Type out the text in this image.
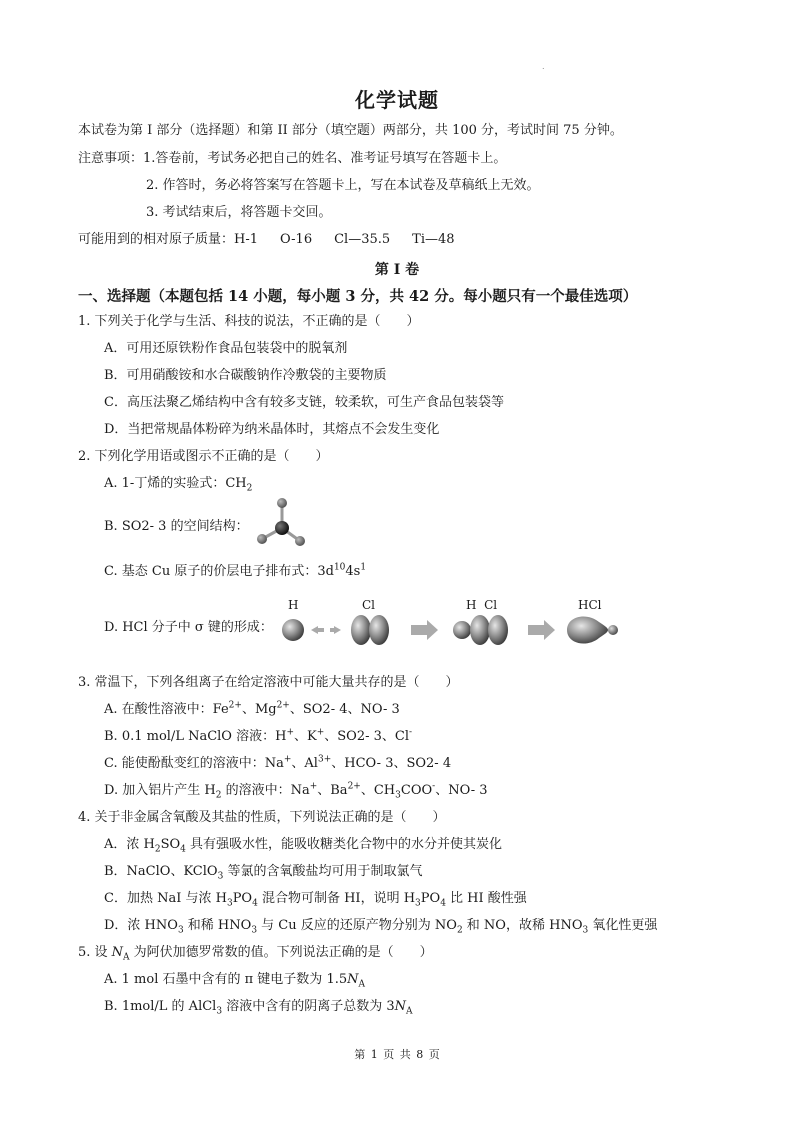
.
化学试题
本试卷为第 I 部分（选择题）和第 II 部分（填空题）两部分，共 100 分，考试时间 75 分钟。
注意事项：1.答卷前，考试务必把自己的姓名、准考证号填写在答题卡上。
2. 作答时，务必将答案写在答题卡上，写在本试卷及草稿纸上无效。
3. 考试结束后，将答题卡交回。
可能用到的相对原子质量：H-1 O-16 Cl—35.5 Ti—48
第 I 卷
一、选择题（本题包括 14 小题，每小题 3 分，共 42 分。每小题只有一个最佳选项）
1. 下列关于化学与生活、科技的说法，不正确的是（　　）
A．可用还原铁粉作食品包装袋中的脱氧剂
B．可用硝酸铵和水合碳酸钠作冷敷袋的主要物质
C．高压法聚乙烯结构中含有较多支链，较柔软，可生产食品包装袋等
D．当把常规晶体粉碎为纳米晶体时，其熔点不会发生变化
2. 下列化学用语或图示不正确的是（　　）
A. 1-丁烯的实验式：$CH_2$
B. SO2- 3 的空间结构：
C. 基态 Cu 原子的价层电子排布式：$3d^{10}4s^1$
H	Cl	H  Cl	HCl
D. HCl 分子中 σ 键的形成：
3. 常温下，下列各组离子在给定溶液中可能大量共存的是（　　）
A. 在酸性溶液中：$Fe^{2+}$、$Mg^{2+}$、SO2- 4、NO- 3
B. 0.1 mol/L NaClO 溶液：H+、K+、SO2- 3、Cl-
C. 能使酚酞变红的溶液中：Na+、$Al^{3+}$、HCO- 3、SO2- 4
D. 加入铝片产生 $H_2$ 的溶液中：Na+、$Ba^{2+}$、$CH_3COO^-$、NO- 3
4. 关于非金属含氧酸及其盐的性质，下列说法正确的是（　　）
A．浓 $H_2SO_4$ 具有强吸水性，能吸收糖类化合物中的水分并使其炭化
B．NaClO、KClO$_3$ 等氯的含氧酸盐均可用于制取氯气
C．加热 NaI 与浓 $H_3PO_4$ 混合物可制备 HI，说明 $H_3PO_4$ 比 HI 酸性强
D．浓 $HNO_3$ 和稀 $HNO_3$ 与 Cu 反应的还原产物分别为 $NO_2$ 和 NO，故稀 $HNO_3$ 氧化性更强
5. 设 $N_A$ 为阿伏加德罗常数的值。下列说法正确的是（　　）
A. 1 mol 石墨中含有的 π 键电子数为 $1.5N_A$
B. 1mol/L 的 AlCl$_3$ 溶液中含有的阴离子总数为 $3N_A$
第 1 页 共 8 页
